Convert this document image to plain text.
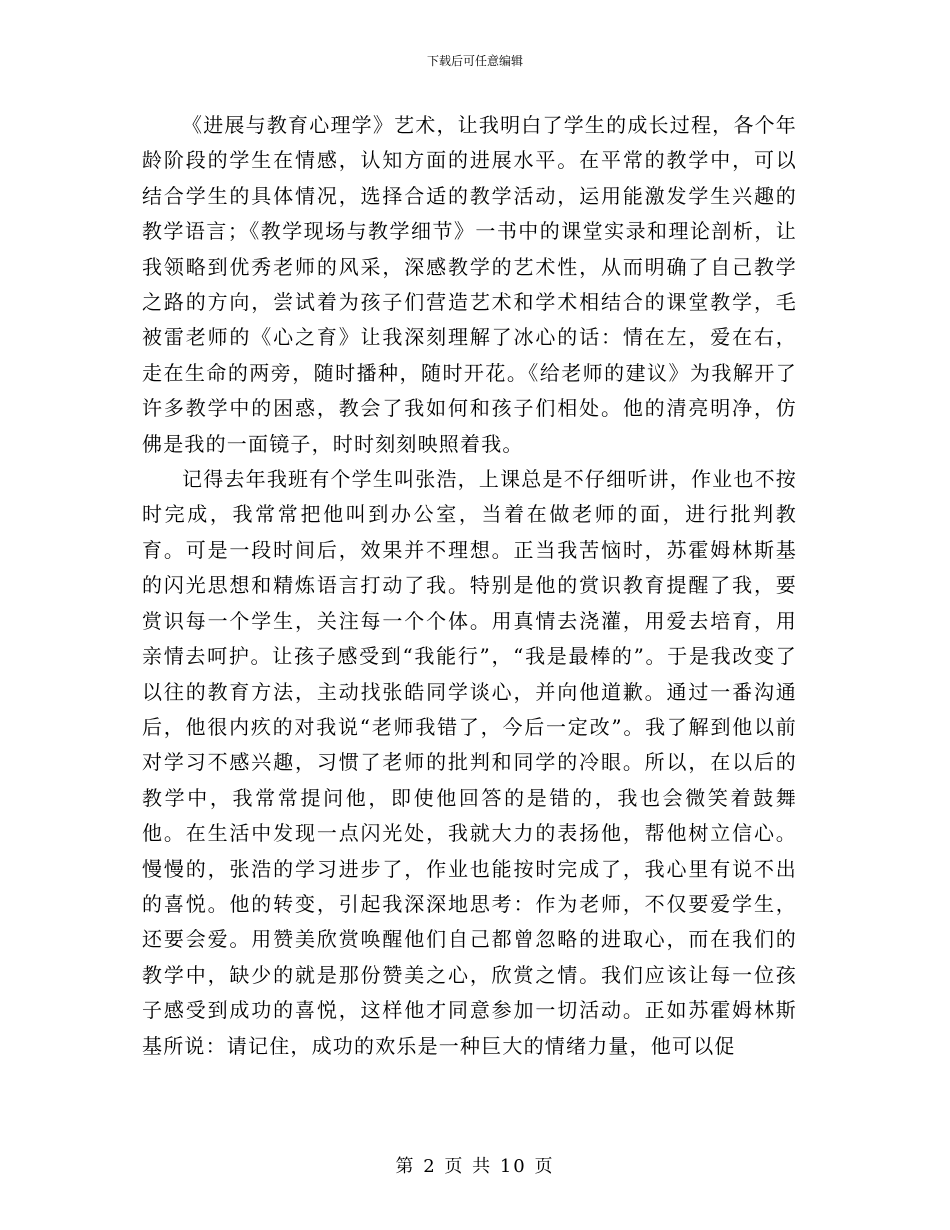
下载后可任意编辑

《进展与教育心理学》艺术，让我明白了学生的成长过程，各个年龄阶段的学生在情感，认知方面的进展水平。在平常的教学中，可以结合学生的具体情况，选择合适的教学活动，运用能激发学生兴趣的教学语言；《教学现场与教学细节》一书中的课堂实录和理论剖析，让我领略到优秀老师的风采，深感教学的艺术性，从而明确了自己教学之路的方向，尝试着为孩子们营造艺术和学术相结合的课堂教学，毛被雷老师的《心之育》让我深刻理解了冰心的话：情在左，爱在右，走在生命的两旁，随时播种，随时开花。《给老师的建议》为我解开了许多教学中的困惑，教会了我如何和孩子们相处。他的清亮明净，仿佛是我的一面镜子，时时刻刻映照着我。

记得去年我班有个学生叫张浩，上课总是不仔细听讲，作业也不按时完成，我常常把他叫到办公室，当着在做老师的面，进行批判教育。可是一段时间后，效果并不理想。正当我苦恼时，苏霍姆林斯基的闪光思想和精炼语言打动了我。特别是他的赏识教育提醒了我，要赏识每一个学生，关注每一个个体。用真情去浇灌，用爱去培育，用亲情去呵护。让孩子感受到“我能行”，“我是最棒的”。于是我改变了以往的教育方法，主动找张皓同学谈心，并向他道歉。通过一番沟通后，他很内疚的对我说“老师我错了，今后一定改”。我了解到他以前对学习不感兴趣，习惯了老师的批判和同学的冷眼。所以，在以后的教学中，我常常提问他，即使他回答的是错的，我也会微笑着鼓舞他。在生活中发现一点闪光处，我就大力的表扬他，帮他树立信心。慢慢的，张浩的学习进步了，作业也能按时完成了，我心里有说不出的喜悦。他的转变，引起我深深地思考：作为老师，不仅要爱学生，还要会爱。用赞美欣赏唤醒他们自己都曾忽略的进取心，而在我们的教学中，缺少的就是那份赞美之心，欣赏之情。我们应该让每一位孩子感受到成功的喜悦，这样他才同意参加一切活动。正如苏霍姆林斯基所说：请记住，成功的欢乐是一种巨大的情绪力量，他可以促

第 2 页 共 10 页
